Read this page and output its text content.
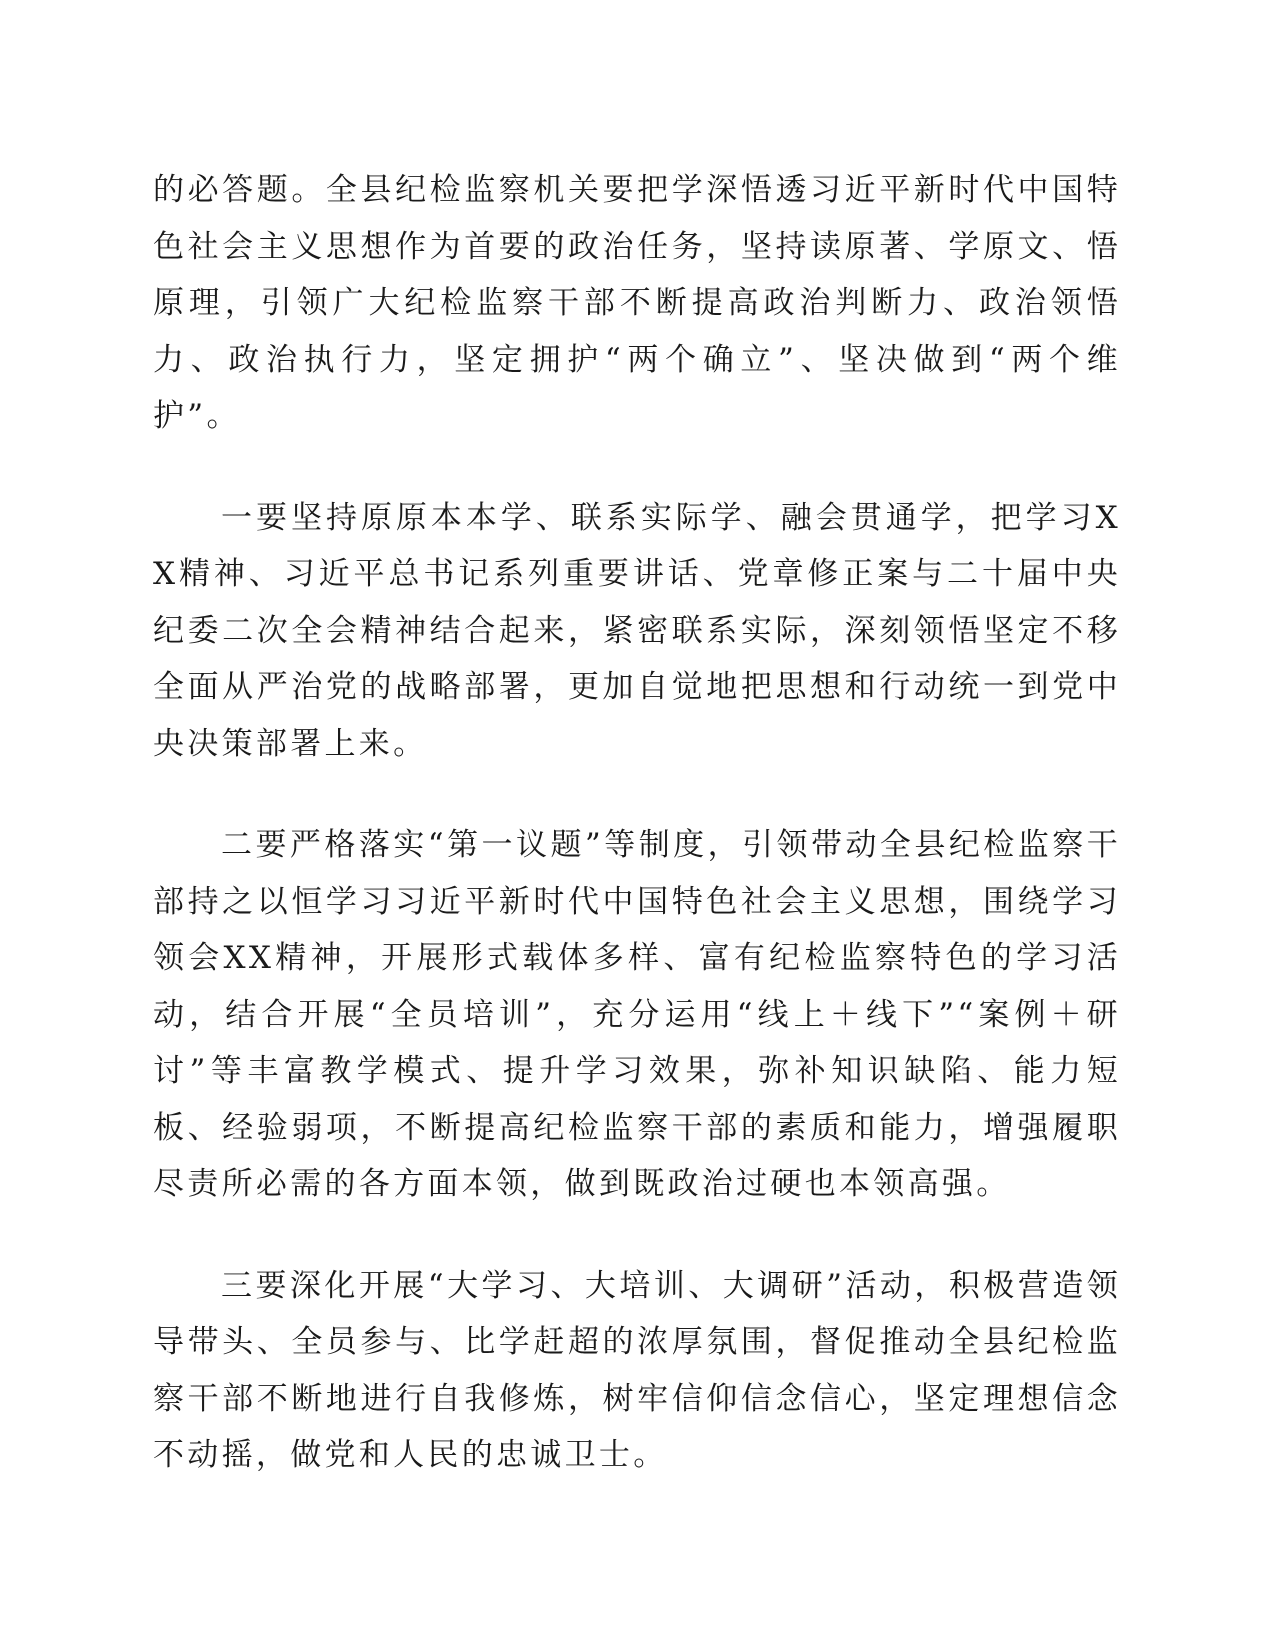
的必答题。全县纪检监察机关要把学深悟透习近平新时代中国特色社会主义思想作为首要的政治任务，坚持读原著、学原文、悟原理，引领广大纪检监察干部不断提高政治判断力、政治领悟力、政治执行力，坚定拥护“两个确立”、坚决做到“两个维护”。

一要坚持原原本本学、联系实际学、融会贯通学，把学习XX精神、习近平总书记系列重要讲话、党章修正案与二十届中央纪委二次全会精神结合起来，紧密联系实际，深刻领悟坚定不移全面从严治党的战略部署，更加自觉地把思想和行动统一到党中央决策部署上来。

二要严格落实“第一议题”等制度，引领带动全县纪检监察干部持之以恒学习习近平新时代中国特色社会主义思想，围绕学习领会XX精神，开展形式载体多样、富有纪检监察特色的学习活动，结合开展“全员培训”，充分运用“线上＋线下”“案例＋研讨”等丰富教学模式、提升学习效果，弥补知识缺陷、能力短板、经验弱项，不断提高纪检监察干部的素质和能力，增强履职尽责所必需的各方面本领，做到既政治过硬也本领高强。

三要深化开展“大学习、大培训、大调研”活动，积极营造领导带头、全员参与、比学赶超的浓厚氛围，督促推动全县纪检监察干部不断地进行自我修炼，树牢信仰信念信心，坚定理想信念不动摇，做党和人民的忠诚卫士。
